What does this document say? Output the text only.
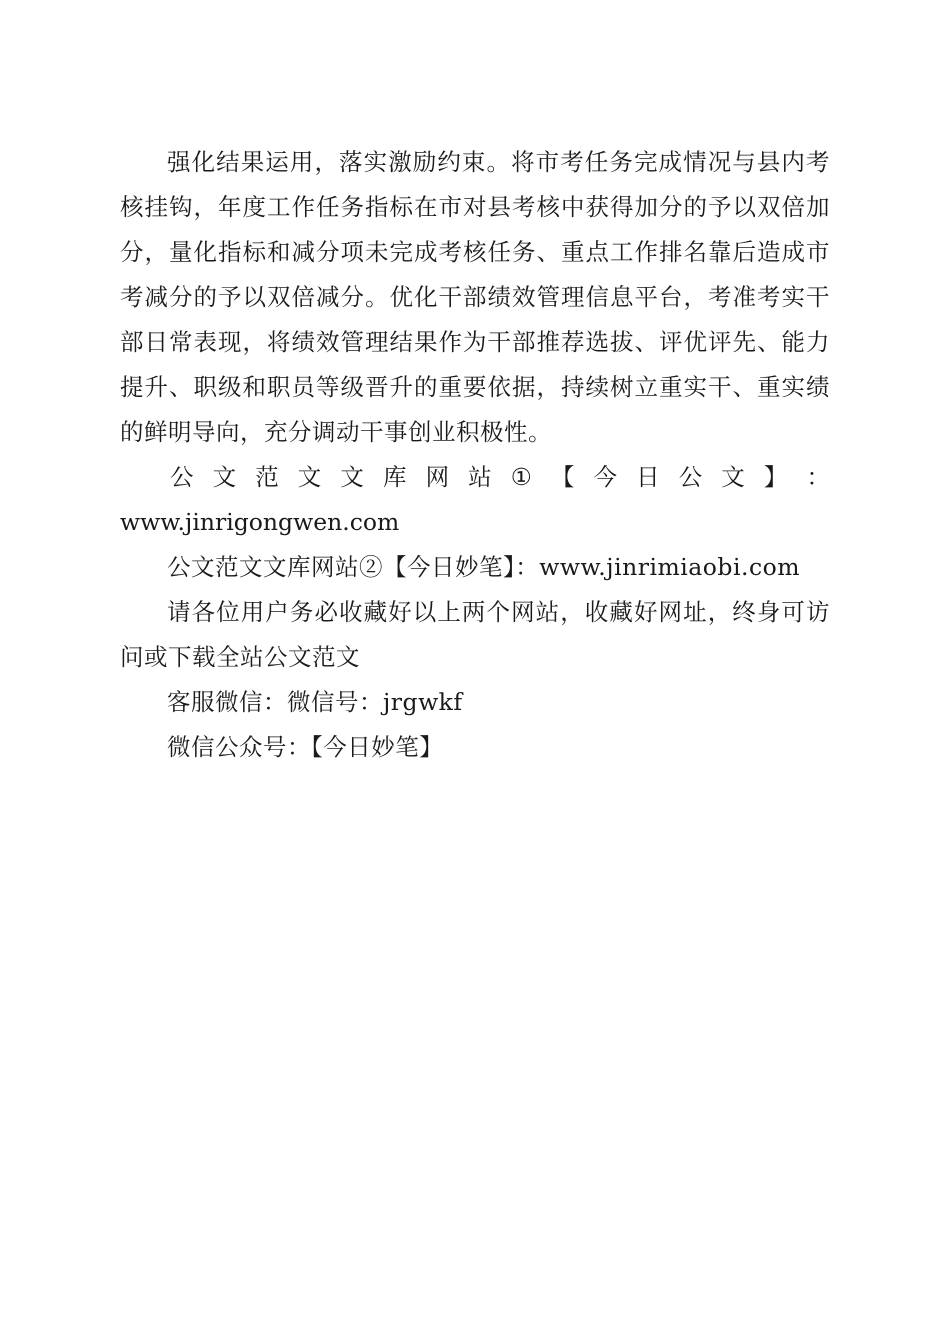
强化结果运用，落实激励约束。将市考任务完成情况与县内考核挂钩，年度工作任务指标在市对县考核中获得加分的予以双倍加分，量化指标和减分项未完成考核任务、重点工作排名靠后造成市考减分的予以双倍减分。优化干部绩效管理信息平台，考准考实干部日常表现，将绩效管理结果作为干部推荐选拔、评优评先、能力提升、职级和职员等级晋升的重要依据，持续树立重实干、重实绩的鲜明导向，充分调动干事创业积极性。

公 文 范 文 文 库 网 站 ① 【 今 日 公 文 】 ：

www.jinrigongwen.com

公文范文文库网站②【今日妙笔】：www.jinrimiaobi.com

请各位用户务必收藏好以上两个网站，收藏好网址，终身可访问或下载全站公文范文

客服微信：微信号：jrgwkf

微信公众号：【今日妙笔】
